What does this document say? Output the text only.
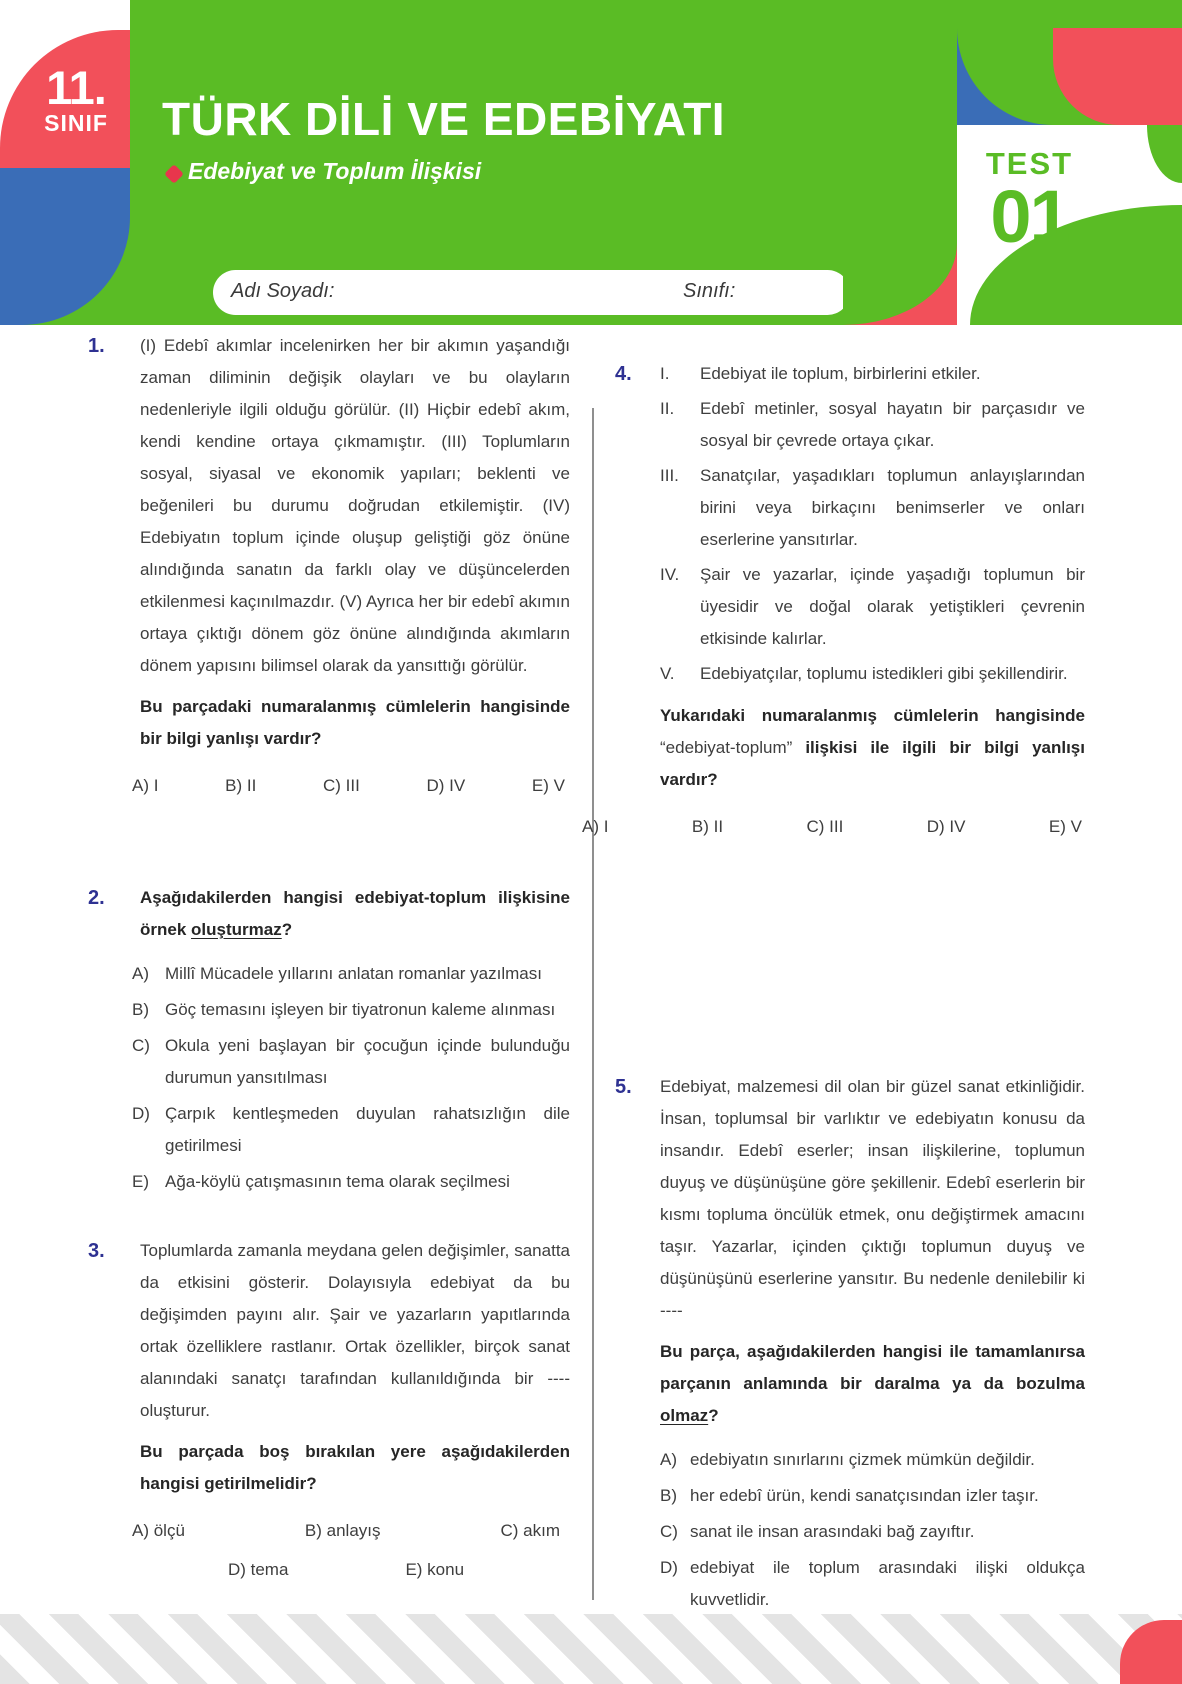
11.
SINIF	TÜRK DİLİ VE EDEBİYATI
Edebiyat ve Toplum İlişkisi
Adı Soyadı:	Sınıfı:
TEST
01
1. (I) Edebî akımlar incelenirken her bir akımın yaşandığı zaman diliminin değişik olayları ve bu olayların nedenleriyle ilgili olduğu görülür. (II) Hiçbir edebî akım, kendi kendine ortaya çıkmamıştır. (III) Toplumların sosyal, siyasal ve ekonomik yapıları; beklenti ve beğenileri bu durumu doğrudan etkilemiştir. (IV) Edebiyatın toplum içinde oluşup geliştiği göz önüne alındığında sanatın da farklı olay ve düşüncelerden etkilenmesi kaçınılmazdır. (V) Ayrıca her bir edebî akımın ortaya çıktığı dönem göz önüne alındığında akımların dönem yapısını bilimsel olarak da yansıttığı görülür.
Bu parçadaki numaralanmış cümlelerin hangisinde bir bilgi yanlışı vardır?
A) I	B) II	C) III	D) IV	E) V
2. Aşağıdakilerden hangisi edebiyat-toplum ilişkisine örnek oluşturmaz?
A) Millî Mücadele yıllarını anlatan romanlar yazılması
B) Göç temasını işleyen bir tiyatronun kaleme alınması
C) Okula yeni başlayan bir çocuğun içinde bulunduğu durumun yansıtılması
D) Çarpık kentleşmeden duyulan rahatsızlığın dile getirilmesi
E) Ağa-köylü çatışmasının tema olarak seçilmesi
3. Toplumlarda zamanla meydana gelen değişimler, sanatta da etkisini gösterir. Dolayısıyla edebiyat da bu değişimden payını alır. Şair ve yazarların yapıtlarında ortak özelliklere rastlanır. Ortak özellikler, birçok sanat alanındaki sanatçı tarafından kullanıldığında bir ---- oluşturur.
Bu parçada boş bırakılan yere aşağıdakilerden hangisi getirilmelidir?
A) ölçü	B) anlayış	C) akım
D) tema	E) konu
4. I.	Edebiyat ile toplum, birbirlerini etkiler.
II.	Edebî metinler, sosyal hayatın bir parçasıdır ve sosyal bir çevrede ortaya çıkar.
III.	Sanatçılar, yaşadıkları toplumun anlayışlarından birini veya birkaçını benimserler ve onları eserlerine yansıtırlar.
IV.	Şair ve yazarlar, içinde yaşadığı toplumun bir üyesidir ve doğal olarak yetiştikleri çevrenin etkisinde kalırlar.
V.	Edebiyatçılar, toplumu istedikleri gibi şekillendirir.
Yukarıdaki numaralanmış cümlelerin hangisinde “edebiyat-toplum” ilişkisi ile ilgili bir bilgi yanlışı vardır?
A) I	B) II	C) III	D) IV	E) V
5. Edebiyat, malzemesi dil olan bir güzel sanat etkinliğidir. İnsan, toplumsal bir varlıktır ve edebiyatın konusu da insandır. Edebî eserler; insan ilişkilerine, toplumun duyuş ve düşünüşüne göre şekillenir. Edebî eserlerin bir kısmı topluma öncülük etmek, onu değiştirmek amacını taşır. Yazarlar, içinden çıktığı toplumun duyuş ve düşünüşünü eserlerine yansıtır. Bu nedenle denilebilir ki ----
Bu parça, aşağıdakilerden hangisi ile tamamlanırsa parçanın anlamında bir daralma ya da bozulma olmaz?
A) edebiyatın sınırlarını çizmek mümkün değildir.
B) her edebî ürün, kendi sanatçısından izler taşır.
C) sanat ile insan arasındaki bağ zayıftır.
D) edebiyat ile toplum arasındaki ilişki oldukça kuvvetlidir.
